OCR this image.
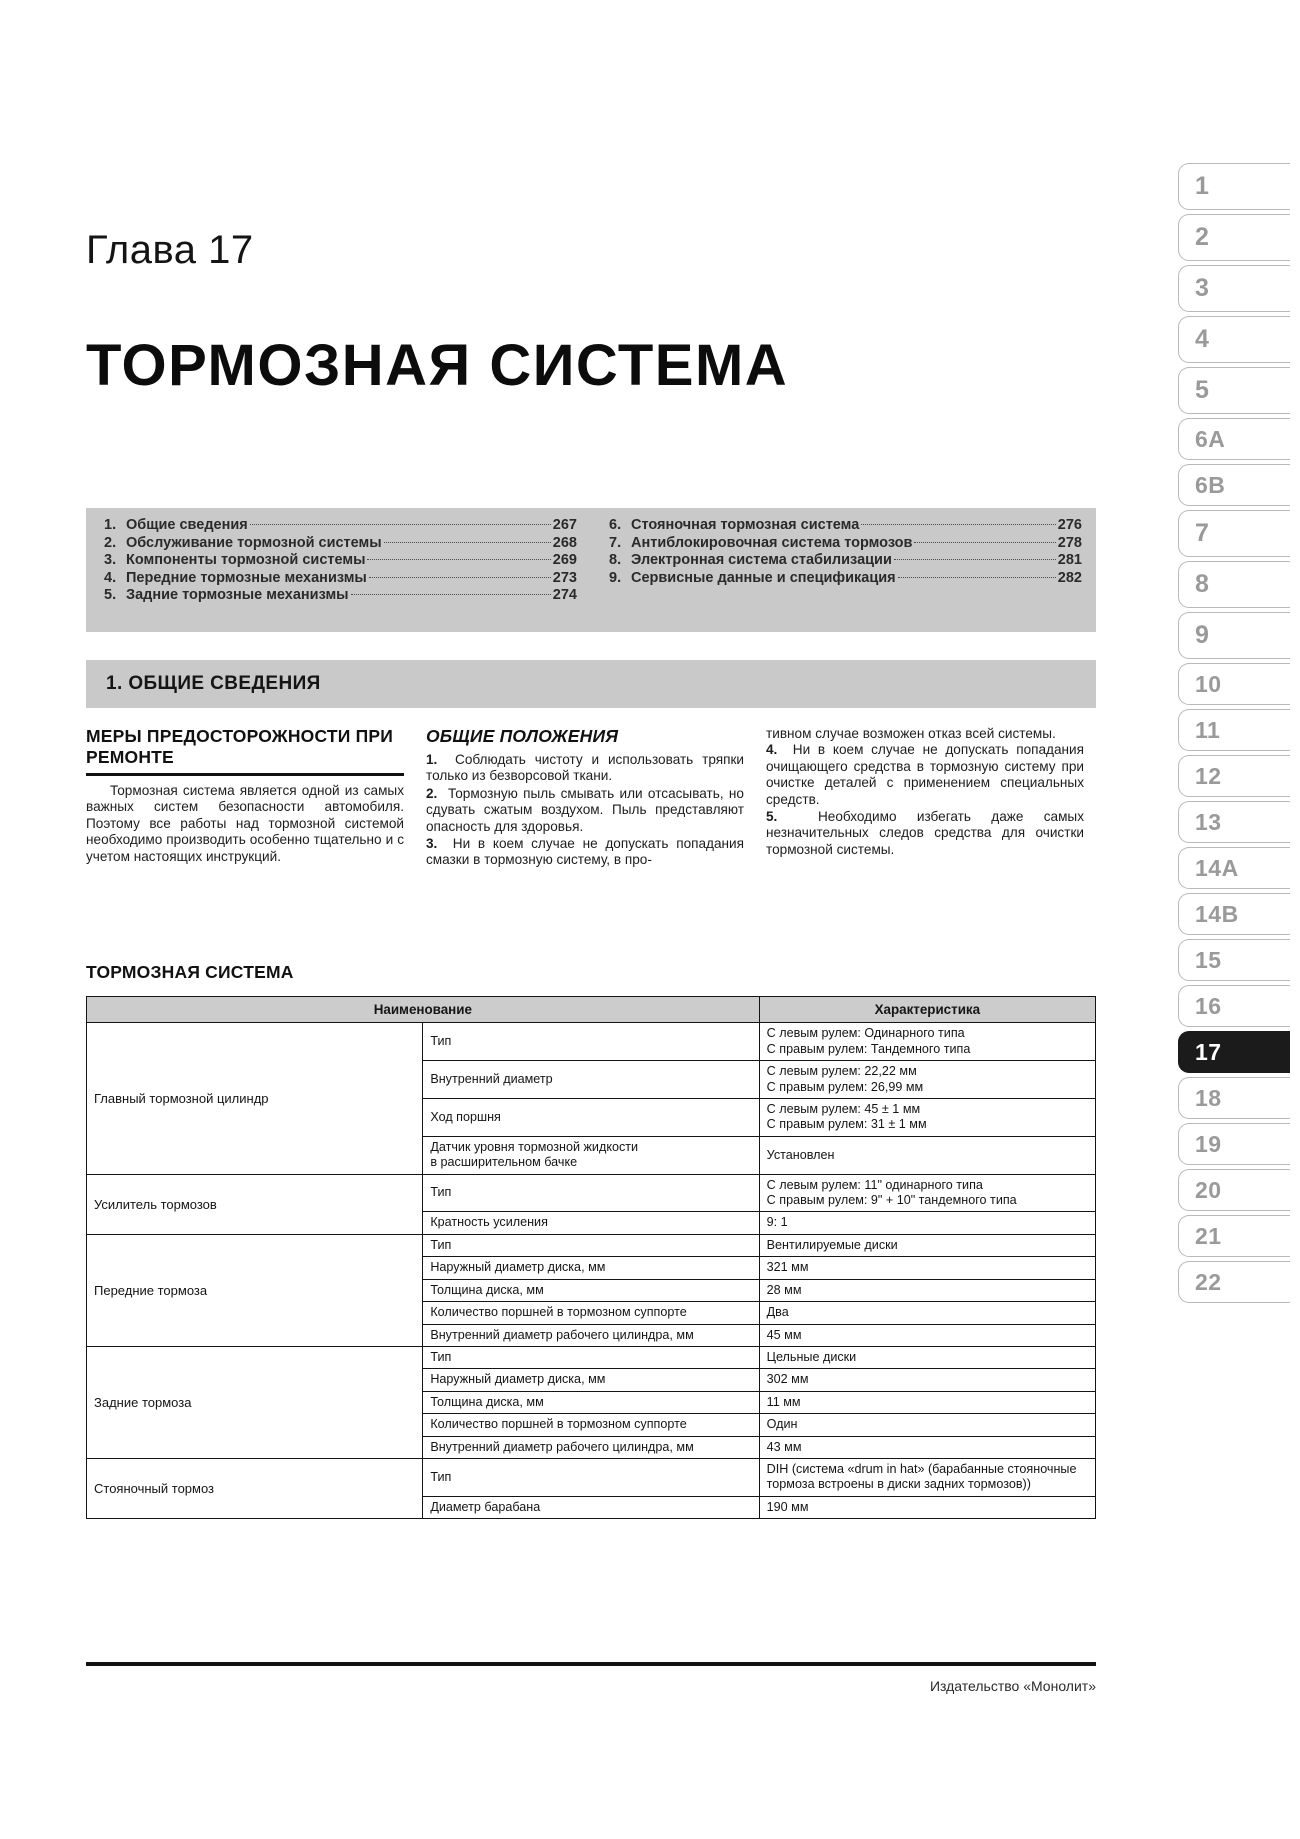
Глава 17
ТОРМОЗНАЯ СИСТЕМА
1. Общие сведения	267
2. Обслуживание тормозной системы	268
3. Компоненты тормозной системы	269
4. Передние тормозные механизмы	273
5. Задние тормозные механизмы	274
6. Стояночная тормозная система	276
7. Антиблокировочная система тормозов	278
8. Электронная система стабилизации	281
9. Сервисные данные и спецификация	282
1. ОБЩИЕ СВЕДЕНИЯ
МЕРЫ ПРЕДОСТОРОЖНОСТИ ПРИ РЕМОНТЕ

Тормозная система является одной из самых важных систем безопасности автомобиля. Поэтому все работы над тормозной системой необходимо производить особенно тщательно и с учетом настоящих инструкций.

ОБЩИЕ ПОЛОЖЕНИЯ

1.  Соблюдать чистоту и использовать тряпки только из безворсовой ткани.

2.  Тормозную пыль смывать или отсасывать, но сдувать сжатым воздухом. Пыль представляют опасность для здоровья.

3.  Ни в коем случае не допускать попадания смазки в тормозную систему, в про-

тивном случае возможен отказ всей системы.

4.  Ни в коем случае не допускать попадания очищающего средства в тормозную систему при очистке деталей с применением специальных средств.

5.  Необходимо избегать даже самых незначительных следов средства для очистки тормозной системы.

ТОРМОЗНАЯ СИСТЕМА
Наименование		Характеристика
Главный тормозной цилиндр	Тип	С левым рулем: Одинарного типа
С правым рулем: Тандемного типа
	Внутренний диаметр	С левым рулем: 22,22 мм
С правым рулем: 26,99 мм
	Ход поршня	С левым рулем: 45 ± 1 мм
С правым рулем: 31 ± 1 мм
	Датчик уровня тормозной жидкости
в расширительном бачке	Установлен
Усилитель тормозов	Тип	С левым рулем: 11" одинарного типа
С правым рулем: 9" + 10" тандемного типа
	Кратность усиления	9: 1
Передние тормоза	Тип	Вентилируемые диски
	Наружный диаметр диска, мм	321 мм
	Толщина диска, мм	28 мм
	Количество поршней в тормозном суппорте	Два
	Внутренний диаметр рабочего цилиндра, мм	45 мм
Задние тормоза	Тип	Цельные диски
	Наружный диаметр диска, мм	302 мм
	Толщина диска, мм	11 мм
	Количество поршней в тормозном суппорте	Один
	Внутренний диаметр рабочего цилиндра, мм	43 мм
Стояночный тормоз	Тип	DIH (система «drum in hat» (барабанные стояночные тормоза встроены в диски задних тормозов))
	Диаметр барабана	190 мм
Издательство «Монолит»
1
2
3
4
5
6A
6B
7
8
9
10
11
12
13
14A
14B
15
16
17
18
19
20
21
22
